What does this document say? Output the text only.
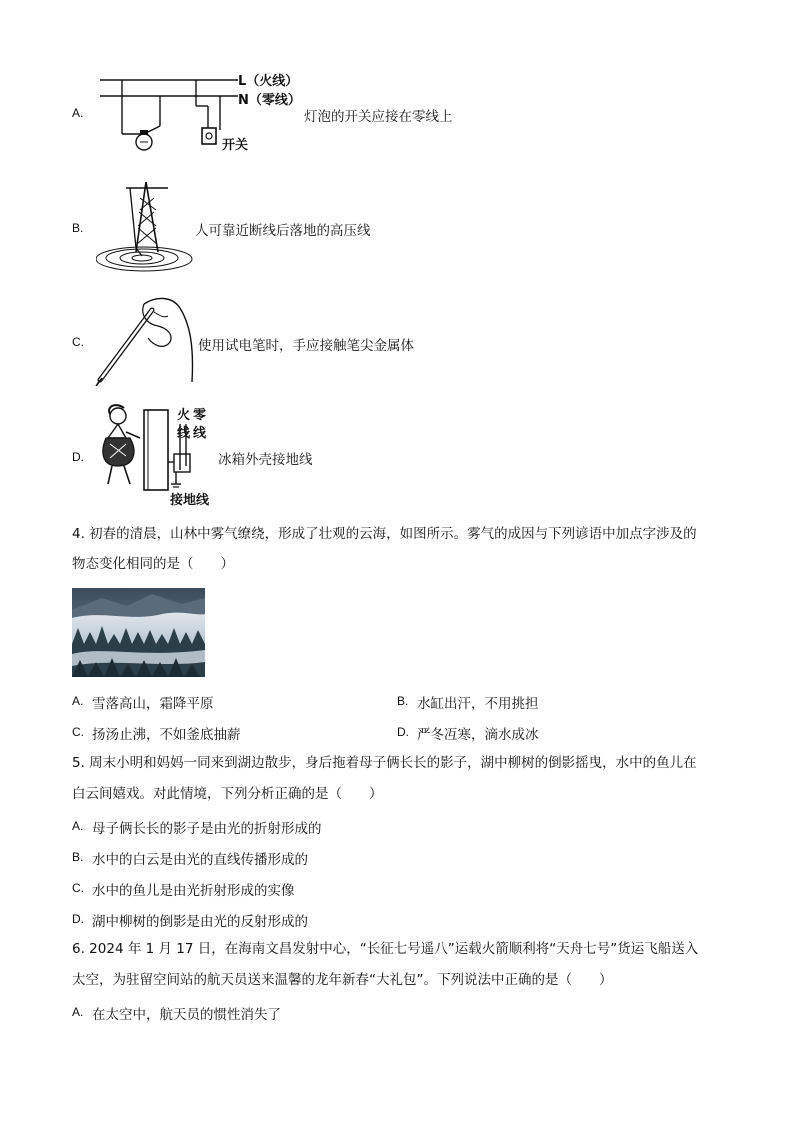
A.
L（火线）
N（零线）
开关
灯泡的开关应接在零线上
B.	人可靠近断线后落地的高压线
C.	使用试电笔时，手应接触笔尖金属体
D.
火 零
线 线
接地线
冰箱外壳接地线
4. 初春的清晨，山林中雾气缭绕，形成了壮观的云海，如图所示。雾气的成因与下列谚语中加点字涉及的
物态变化相同的是（　　）
A. 雪落高山，霜降平原	B. 水缸出汗，不用挑担
C. 扬汤止沸，不如釜底抽薪	D. 严冬冱寒，滴水成冰
5. 周末小明和妈妈一同来到湖边散步，身后拖着母子俩长长的影子，湖中柳树的倒影摇曳，水中的鱼儿在
白云间嬉戏。对此情境，下列分析正确的是（　　）
A. 母子俩长长的影子是由光的折射形成的
B. 水中的白云是由光的直线传播形成的
C. 水中的鱼儿是由光折射形成的实像
D. 湖中柳树的倒影是由光的反射形成的
6. 2024 年 1 月 17 日，在海南文昌发射中心，“长征七号遥八”运载火箭顺利将“天舟七号”货运飞船送入
太空，为驻留空间站的航天员送来温馨的龙年新春“大礼包”。下列说法中正确的是（　　）
A. 在太空中，航天员的惯性消失了
